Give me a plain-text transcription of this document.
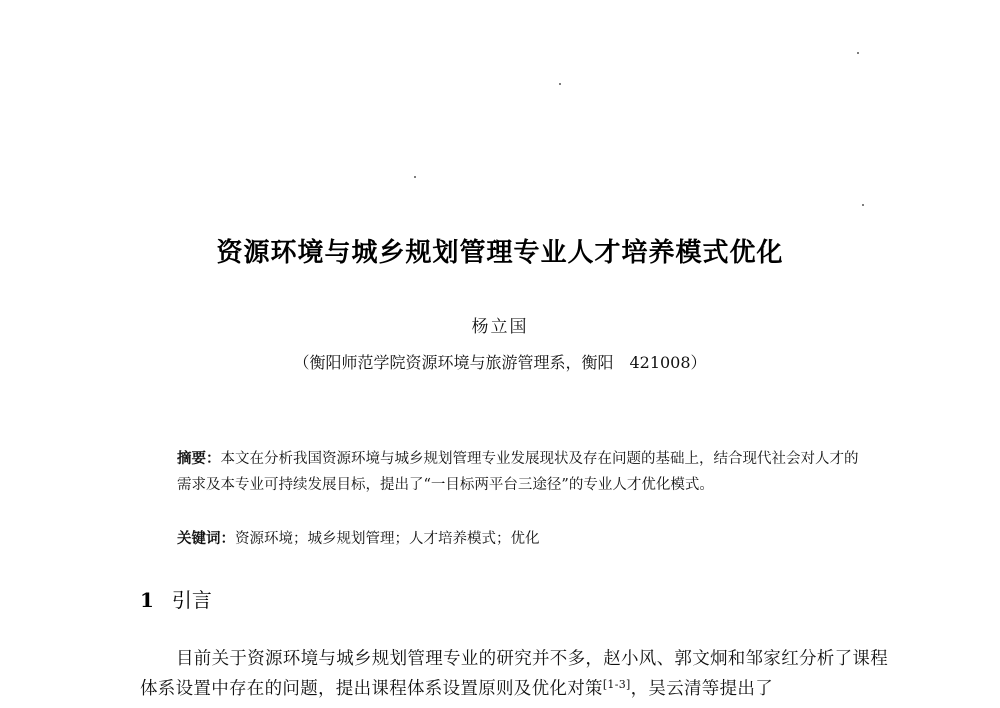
资源环境与城乡规划管理专业人才培养模式优化
杨立国
（衡阳师范学院资源环境与旅游管理系，衡阳　421008）
摘要：本文在分析我国资源环境与城乡规划管理专业发展现状及存在问题的基础上，结合现代社会对人才的需求及本专业可持续发展目标，提出了“一目标两平台三途径”的专业人才优化模式。
关键词：资源环境；城乡规划管理；人才培养模式；优化
1 引言
目前关于资源环境与城乡规划管理专业的研究并不多，赵小风、郭文炯和邹家红分析了课程体系设置中存在的问题，提出课程体系设置原则及优化对策[1-3]，吴云清等提出了
